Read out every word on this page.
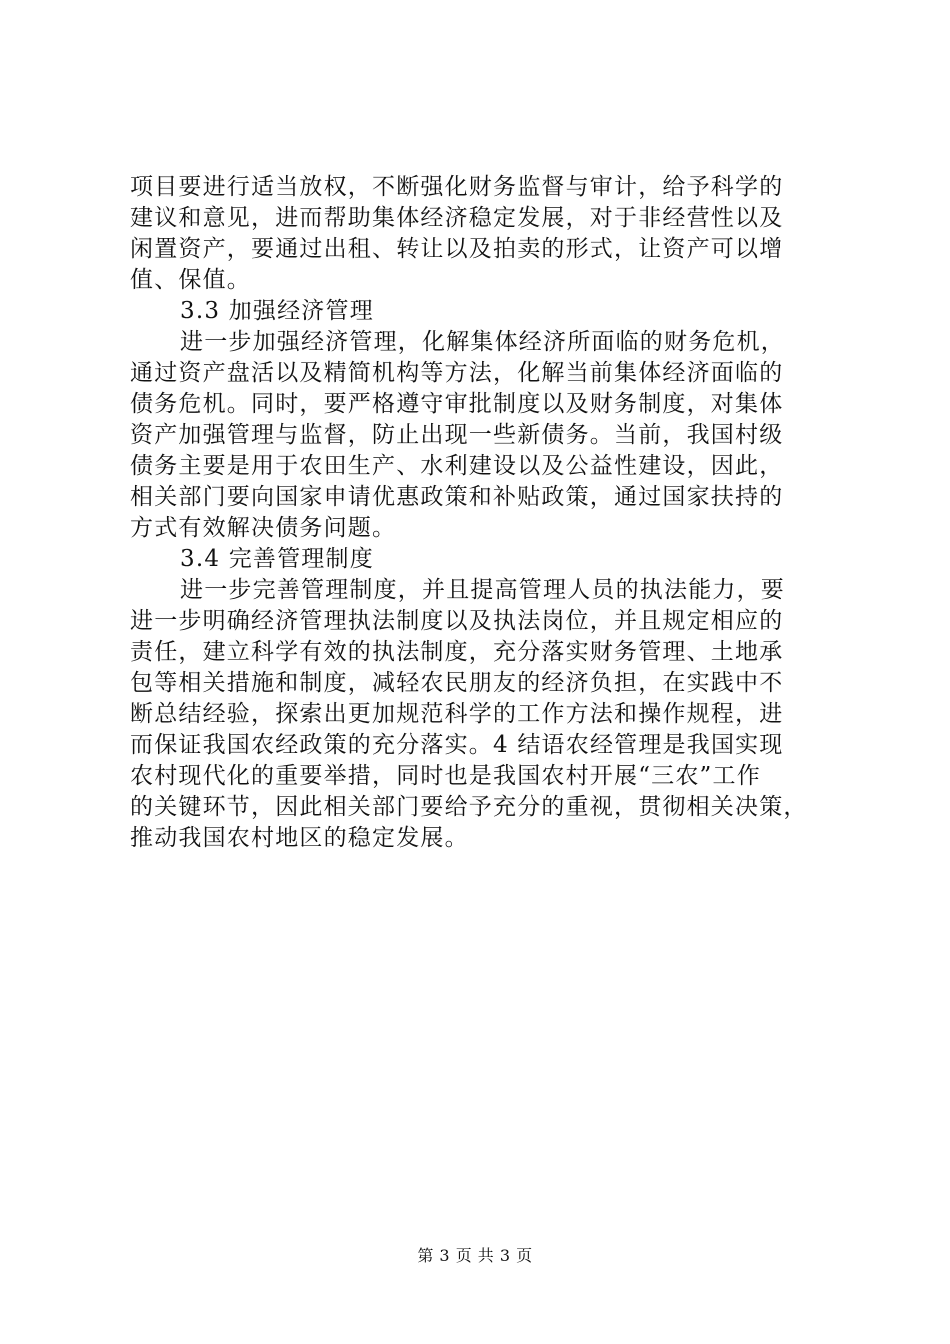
项目要进行适当放权，不断强化财务监督与审计，给予科学的
建议和意见，进而帮助集体经济稳定发展，对于非经营性以及
闲置资产，要通过出租、转让以及拍卖的形式，让资产可以增
值、保值。
3.3 加强经济管理
进一步加强经济管理，化解集体经济所面临的财务危机，
通过资产盘活以及精简机构等方法，化解当前集体经济面临的
债务危机。同时，要严格遵守审批制度以及财务制度，对集体
资产加强管理与监督，防止出现一些新债务。当前，我国村级
债务主要是用于农田生产、水利建设以及公益性建设，因此，
相关部门要向国家申请优惠政策和补贴政策，通过国家扶持的
方式有效解决债务问题。
3.4 完善管理制度
进一步完善管理制度，并且提高管理人员的执法能力，要
进一步明确经济管理执法制度以及执法岗位，并且规定相应的
责任，建立科学有效的执法制度，充分落实财务管理、土地承
包等相关措施和制度，减轻农民朋友的经济负担，在实践中不
断总结经验，探索出更加规范科学的工作方法和操作规程，进
而保证我国农经政策的充分落实。4 结语农经管理是我国实现
农村现代化的重要举措，同时也是我国农村开展“三农”工作
的关键环节，因此相关部门要给予充分的重视，贯彻相关决策，
推动我国农村地区的稳定发展。
第 3 页 共 3 页
